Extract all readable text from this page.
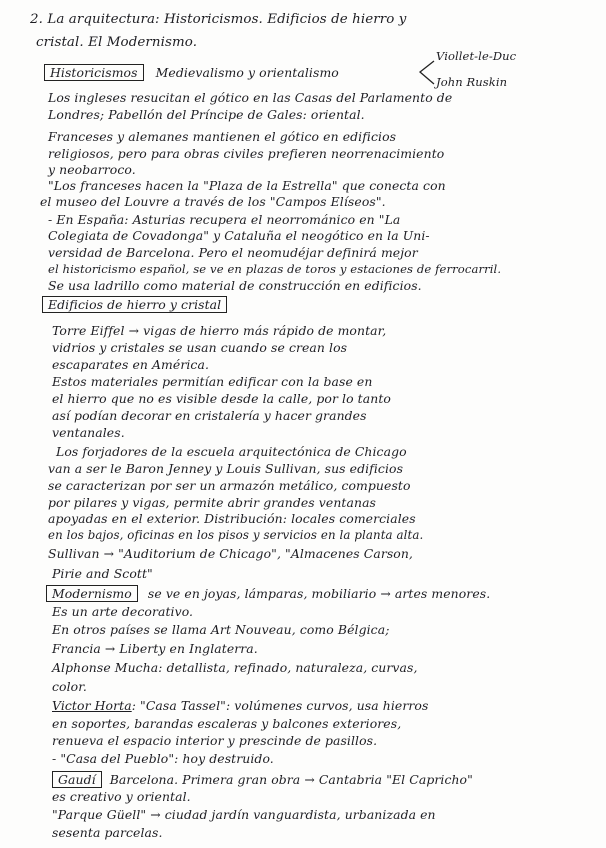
2. La arquitectura: Historicismos. Edificios de hierro y

cristal. El Modernismo.

Historicismos Medievalismo y orientalismo

Viollet-le-Duc

John Ruskin

Los ingleses resucitan el gótico en las Casas del Parlamento de

Londres; Pabellón del Príncipe de Gales: oriental.

Franceses y alemanes mantienen el gótico en edificios

religiosos, pero para obras civiles prefieren neorrenacimiento

y neobarroco.

"Los franceses hacen la "Plaza de la Estrella" que conecta con

el museo del Louvre a través de los "Campos Elíseos".

- En España: Asturias recupera el neorrománico en "La

Colegiata de Covadonga" y Cataluña el neogótico en la Uni-

versidad de Barcelona. Pero el neomudéjar definirá mejor

el historicismo español, se ve en plazas de toros y estaciones de ferrocarril.

Se usa ladrillo como material de construcción en edificios.

Edificios de hierro y cristal

Torre Eiffel → vigas de hierro más rápido de montar,

vidrios y cristales se usan cuando se crean los

escaparates en América.

Estos materiales permitían edificar con la base en

el hierro que no es visible desde la calle, por lo tanto

así podían decorar en cristalería y hacer grandes

ventanales.

Los forjadores de la escuela arquitectónica de Chicago

van a ser le Baron Jenney y Louis Sullivan, sus edificios

se caracterizan por ser un armazón metálico, compuesto

por pilares y vigas, permite abrir grandes ventanas

apoyadas en el exterior. Distribución: locales comerciales

en los bajos, oficinas en los pisos y servicios en la planta alta.

Sullivan → "Auditorium de Chicago", "Almacenes Carson,

Pirie and Scott"

Modernismo se ve en joyas, lámparas, mobiliario → artes menores.

Es un arte decorativo.

En otros países se llama Art Nouveau, como Bélgica;

Francia → Liberty en Inglaterra.

Alphonse Mucha: detallista, refinado, naturaleza, curvas,

color.

Victor Horta: "Casa Tassel": volúmenes curvos, usa hierros

en soportes, barandas escaleras y balcones exteriores,

renueva el espacio interior y prescinde de pasillos.

- "Casa del Pueblo": hoy destruido.

Gaudí Barcelona. Primera gran obra → Cantabria "El Capricho"

es creativo y oriental.

"Parque Güell" → ciudad jardín vanguardista, urbanizada en

sesenta parcelas.
